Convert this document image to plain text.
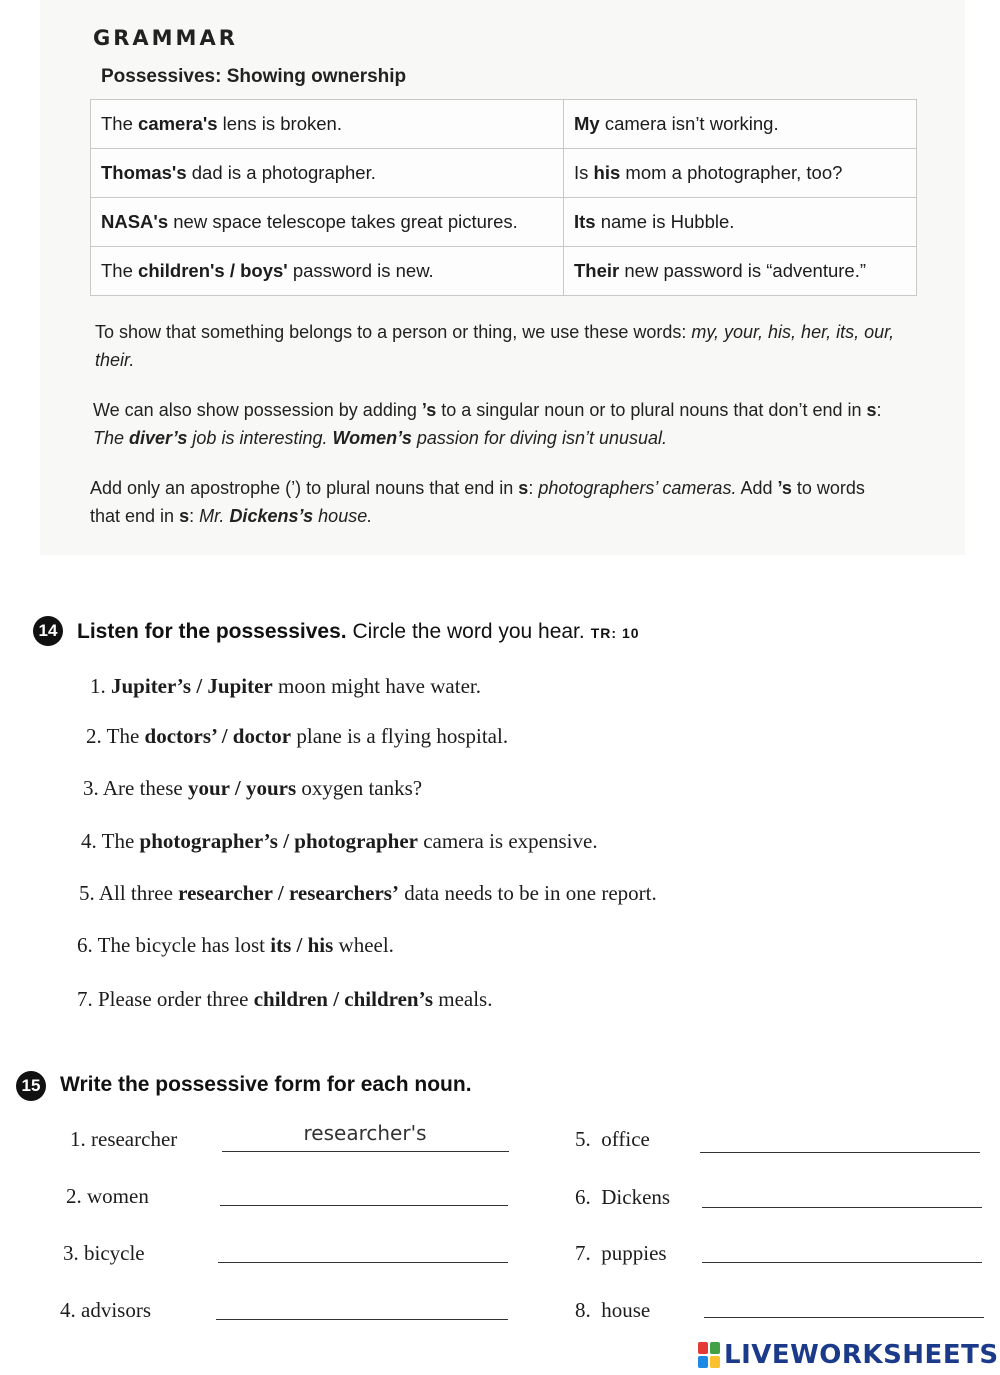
GRAMMAR
Possessives: Showing ownership
The camera's lens is broken.	My camera isn’t working.
Thomas's dad is a photographer.	Is his mom a photographer, too?
NASA's new space telescope takes great pictures.	Its name is Hubble.
The children's / boys' password is new.	Their new password is “adventure.”

To show that something belongs to a person or thing, we use these words: my, your, his, her, its, our, their.

We can also show possession by adding ’s to a singular noun or to plural nouns that don’t end in s: The diver’s job is interesting. Women’s passion for diving isn’t unusual.

Add only an apostrophe (’) to plural nouns that end in s: photographers’ cameras. Add ’s to words that end in s: Mr. Dickens’s house.

14 Listen for the possessives. Circle the word you hear. TR: 10

1. Jupiter’s / Jupiter moon might have water.

2. The doctors’ / doctor plane is a flying hospital.

3. Are these your / yours oxygen tanks?

4. The photographer’s / photographer camera is expensive.

5. All three researcher / researchers’ data needs to be in one report.

6. The bicycle has lost its / his wheel.

7. Please order three children / children’s meals.

15 Write the possessive form for each noun.

1. researcher	researcher's
2. women
3. bicycle
4. advisors
5.  office
6.  Dickens
7.  puppies
8.  house
LIVEWORKSHEETS
